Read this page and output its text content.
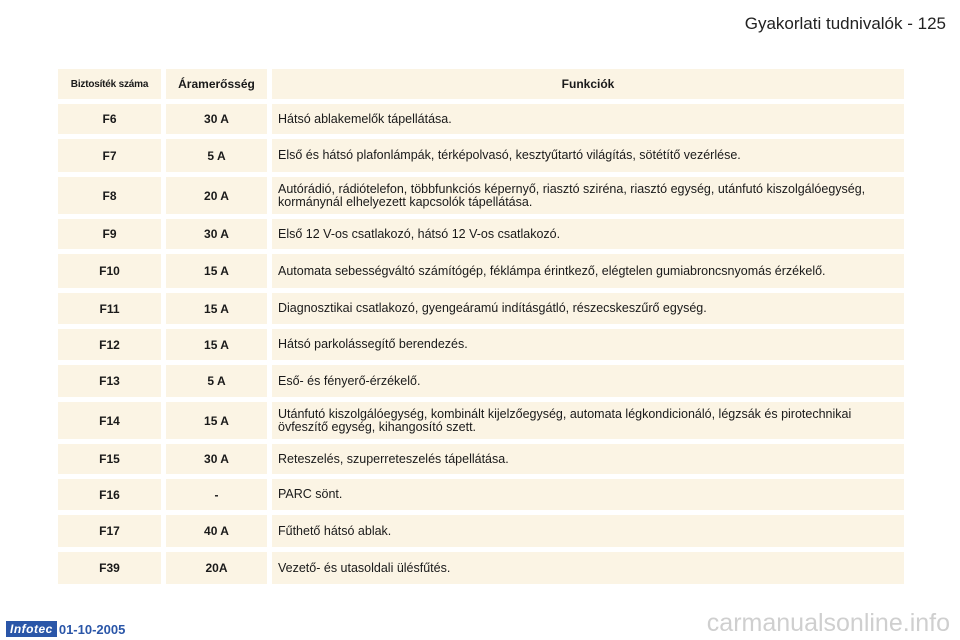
Gyakorlati tudnivalók - 125
Biztosíték száma	Áramerősség	Funkciók
F6	30 A	Hátsó ablakemelők tápellátása.
F7	5 A	Első és hátsó plafonlámpák, térképolvasó, kesztyűtartó világítás, sötétítő vezérlése.
F8	20 A	Autórádió, rádiótelefon, többfunkciós képernyő, riasztó sziréna, riasztó egység, utánfutó kiszolgálóegység, kormánynál elhelyezett kapcsolók tápellátása.
F9	30 A	Első 12 V-os csatlakozó, hátsó 12 V-os csatlakozó.
F10	15 A	Automata sebességváltó számítógép, féklámpa érintkező, elégtelen gumiabroncsnyomás érzékelő.
F11	15 A	Diagnosztikai csatlakozó, gyengeáramú indításgátló, részecskeszűrő egység.
F12	15 A	Hátsó parkolássegítő berendezés.
F13	5 A	Eső- és fényerő-érzékelő.
F14	15 A	Utánfutó kiszolgálóegység, kombinált kijelzőegység, automata légkondicionáló, légzsák és pirotechnikai övfeszítő egység, kihangosító szett.
F15	30 A	Reteszelés, szuperreteszelés tápellátása.
F16	-	PARC sönt.
F17	40 A	Fűthető hátsó ablak.
F39	20A	Vezető- és utasoldali ülésfűtés.
Infotec 01-10-2005	carmanualsonline.info
